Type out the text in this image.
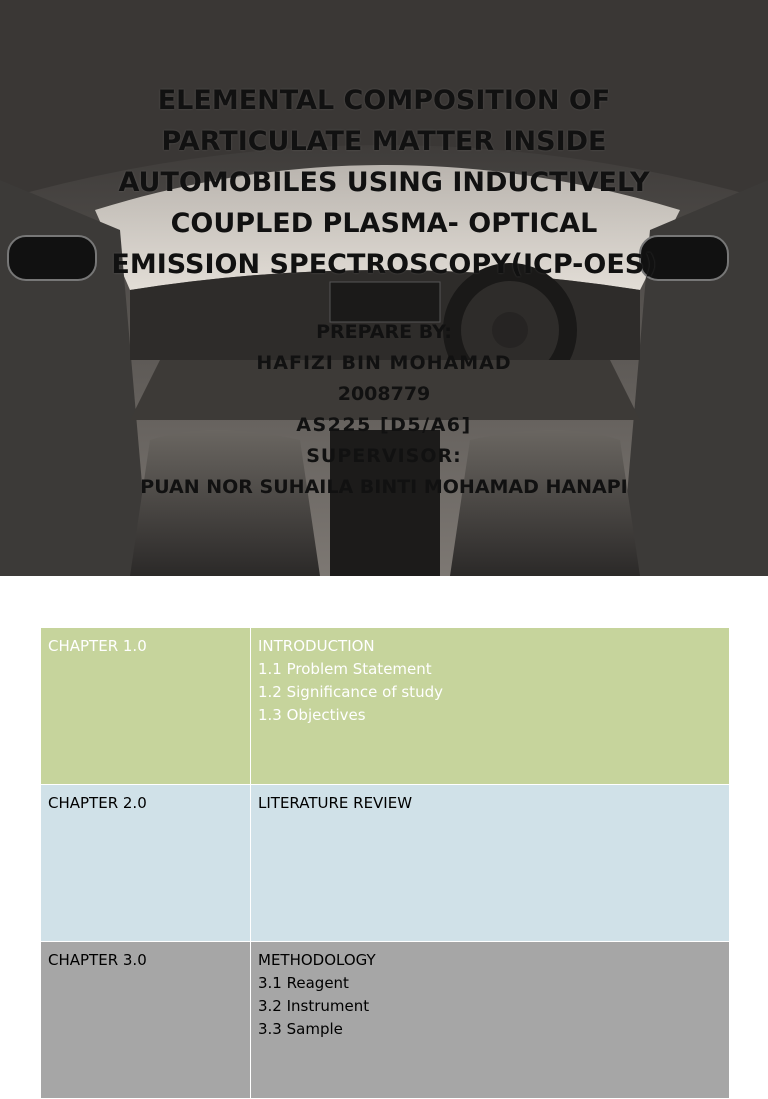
ELEMENTAL COMPOSITION OF
PARTICULATE MATTER INSIDE
AUTOMOBILES USING INDUCTIVELY
COUPLED PLASMA- OPTICAL
EMISSION SPECTROSCOPY(ICP-OES)
PREPARE BY:
HAFIZI BIN MOHAMAD
2008779
AS225 [D5/A6]
SUPERVISOR:
PUAN NOR SUHAILA BINTI MOHAMAD HANAPI
CHAPTER 1.0	INTRODUCTION
1.1 Problem Statement
1.2 Significance of study
1.3 Objectives

CHAPTER 2.0	LITERATURE REVIEW

CHAPTER 3.0	METHODOLOGY
3.1 Reagent
3.2 Instrument
3.3 Sample
